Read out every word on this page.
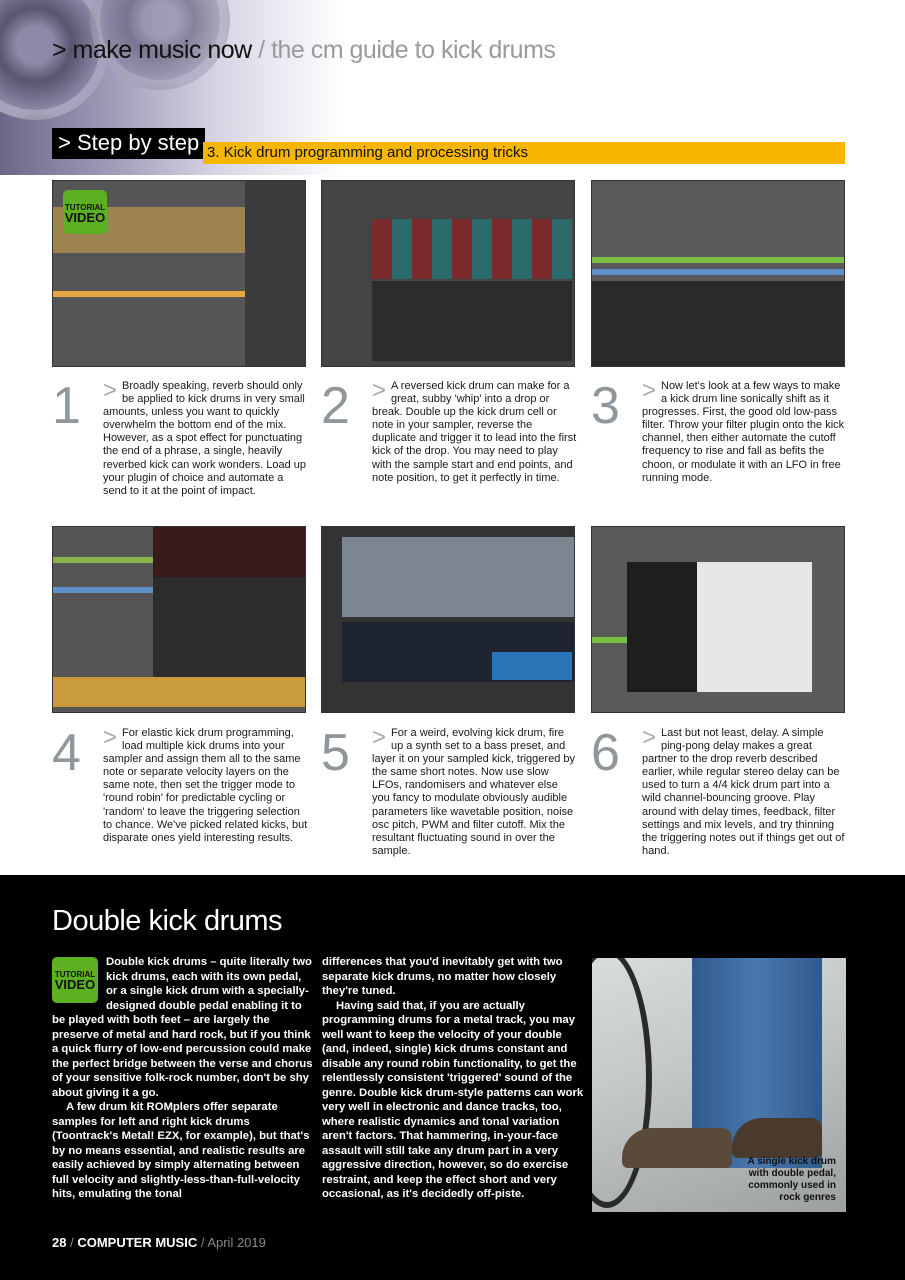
> make music now / the cm guide to kick drums
> Step by step 3. Kick drum programming and processing tricks
TUTORIAL
VIDEO
1 > Broadly speaking, reverb should only be applied to kick drums in very small amounts, unless you want to quickly overwhelm the bottom end of the mix. However, as a spot effect for punctuating the end of a phrase, a single, heavily reverbed kick can work wonders. Load up your plugin of choice and automate a send to it at the point of impact.
2 > A reversed kick drum can make for a great, subby 'whip' into a drop or break. Double up the kick drum cell or note in your sampler, reverse the duplicate and trigger it to lead into the first kick of the drop. You may need to play with the sample start and end points, and note position, to get it perfectly in time.
3 > Now let's look at a few ways to make a kick drum line sonically shift as it progresses. First, the good old low-pass filter. Throw your filter plugin onto the kick channel, then either automate the cutoff frequency to rise and fall as befits the choon, or modulate it with an LFO in free running mode.
4 > For elastic kick drum programming, load multiple kick drums into your sampler and assign them all to the same note or separate velocity layers on the same note, then set the trigger mode to 'round robin' for predictable cycling or 'random' to leave the triggering selection to chance. We've picked related kicks, but disparate ones yield interesting results.
5 > For a weird, evolving kick drum, fire up a synth set to a bass preset, and layer it on your sampled kick, triggered by the same short notes. Now use slow LFOs, randomisers and whatever else you fancy to modulate obviously audible parameters like wavetable position, noise osc pitch, PWM and filter cutoff. Mix the resultant fluctuating sound in over the sample.
6 > Last but not least, delay. A simple ping-pong delay makes a great partner to the drop reverb described earlier, while regular stereo delay can be used to turn a 4/4 kick drum part into a wild channel-bouncing groove. Play around with delay times, feedback, filter settings and mix levels, and try thinning the triggering notes out if things get out of hand.
Double kick drums
TUTORIAL
VIDEO

Double kick drums – quite literally two kick drums, each with its own pedal, or a single kick drum with a specially-designed double pedal enabling it to be played with both feet – are largely the preserve of metal and hard rock, but if you think a quick flurry of low-end percussion could make the perfect bridge between the verse and chorus of your sensitive folk-rock number, don't be shy about giving it a go.

A few drum kit ROMplers offer separate samples for left and right kick drums (Toontrack's Metal! EZX, for example), but that's by no means essential, and realistic results are easily achieved by simply alternating between full velocity and slightly-less-than-full-velocity hits, emulating the tonal

differences that you'd inevitably get with two separate kick drums, no matter how closely they're tuned.

Having said that, if you are actually programming drums for a metal track, you may well want to keep the velocity of your double (and, indeed, single) kick drums constant and disable any round robin functionality, to get the relentlessly consistent 'triggered' sound of the genre. Double kick drum-style patterns can work very well in electronic and dance tracks, too, where realistic dynamics and tonal variation aren't factors. That hammering, in-your-face assault will still take any drum part in a very aggressive direction, however, so do exercise restraint, and keep the effect short and very occasional, as it's decidedly off-piste.

A single kick drum with double pedal, commonly used in rock genres
28 / COMPUTER MUSIC / April 2019
